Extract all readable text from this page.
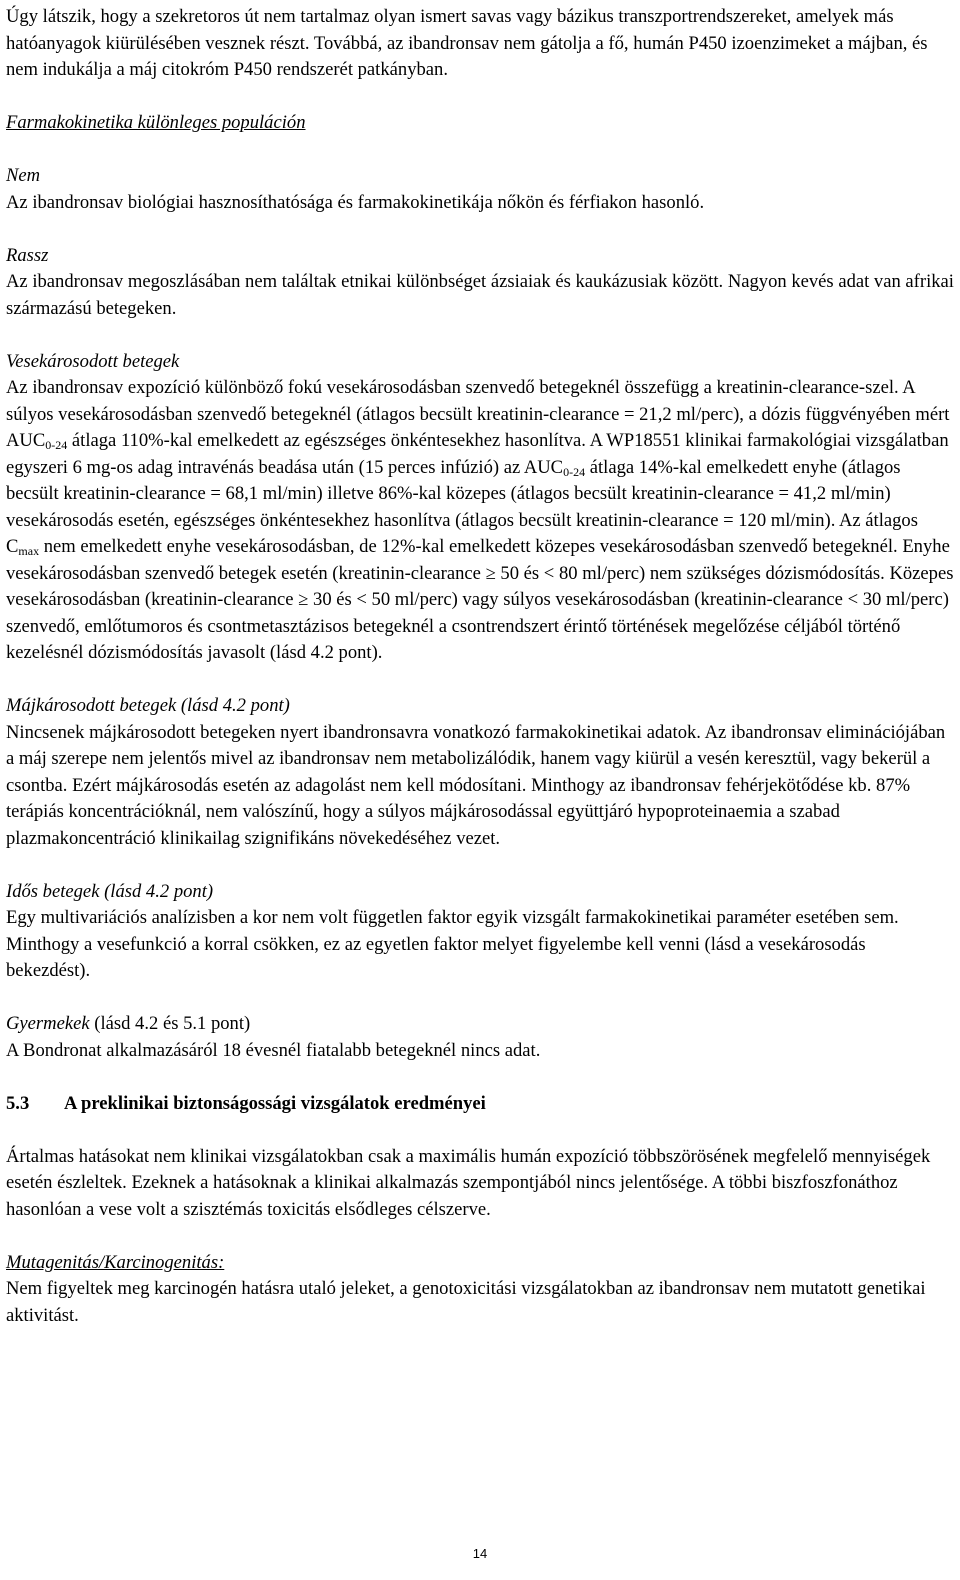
Úgy látszik, hogy a szekretoros út nem tartalmaz olyan ismert savas vagy bázikus transzportrendszereket, amelyek más hatóanyagok kiürülésében vesznek részt. Továbbá, az ibandronsav nem gátolja a fő, humán P450 izoenzimeket a májban, és nem indukálja a máj citokróm P450 rendszerét patkányban.

Farmakokinetika különleges populáción

Nem

Az ibandronsav biológiai hasznosíthatósága és farmakokinetikája nőkön és férfiakon hasonló.

Rassz

Az ibandronsav megoszlásában nem találtak etnikai különbséget ázsiaiak és kaukázusiak között. Nagyon kevés adat van afrikai származású betegeken.

Vesekárosodott betegek

Az ibandronsav expozíció különböző fokú vesekárosodásban szenvedő betegeknél összefügg a kreatinin-clearance-szel. A súlyos vesekárosodásban szenvedő betegeknél (átlagos becsült kreatinin-clearance = 21,2 ml/perc), a dózis függvényében mért $AUC_{0-24}$ átlaga 110%-kal emelkedett az egészséges önkéntesekhez hasonlítva. A WP18551 klinikai farmakológiai vizsgálatban egyszeri 6 mg-os adag intravénás beadása után (15 perces infúzió) az $AUC_{0-24}$ átlaga 14%-kal emelkedett enyhe (átlagos becsült kreatinin-clearance = 68,1 ml/min) illetve 86%-kal közepes (átlagos becsült kreatinin-clearance = 41,2 ml/min) vesekárosodás esetén, egészséges önkéntesekhez hasonlítva (átlagos becsült kreatinin-clearance = 120 ml/min). Az átlagos $C_{max}$ nem emelkedett enyhe vesekárosodásban, de 12%-kal emelkedett közepes vesekárosodásban szenvedő betegeknél. Enyhe vesekárosodásban szenvedő betegek esetén (kreatinin-clearance ≥ 50 és < 80 ml/perc) nem szükséges dózismódosítás. Közepes vesekárosodásban (kreatinin-clearance ≥ 30 és < 50 ml/perc) vagy súlyos vesekárosodásban (kreatinin-clearance < 30 ml/perc) szenvedő, emlőtumoros és csontmetasztázisos betegeknél a csontrendszert érintő történések megelőzése céljából történő kezelésnél dózismódosítás javasolt (lásd 4.2 pont).

Májkárosodott betegek (lásd 4.2 pont)

Nincsenek májkárosodott betegeken nyert ibandronsavra vonatkozó farmakokinetikai adatok. Az ibandronsav eliminációjában a máj szerepe nem jelentős mivel az ibandronsav nem metabolizálódik, hanem vagy kiürül a vesén keresztül, vagy bekerül a csontba. Ezért májkárosodás esetén az adagolást nem kell módosítani. Minthogy az ibandronsav fehérjekötődése kb. 87% terápiás koncentrációknál, nem valószínű, hogy a súlyos májkárosodással együttjáró hypoproteinaemia a szabad plazmakoncentráció klinikailag szignifikáns növekedéséhez vezet.

Idős betegek (lásd 4.2 pont)

Egy multivariációs analízisben a kor nem volt független faktor egyik vizsgált farmakokinetikai paraméter esetében sem. Minthogy a vesefunkció a korral csökken, ez az egyetlen faktor melyet figyelembe kell venni (lásd a vesekárosodás bekezdést).

Gyermekek (lásd 4.2 és 5.1 pont)

A Bondronat alkalmazásáról 18 évesnél fiatalabb betegeknél nincs adat.

5.3 A preklinikai biztonságossági vizsgálatok eredményei

Ártalmas hatásokat nem klinikai vizsgálatokban csak a maximális humán expozíció többszörösének megfelelő mennyiségek esetén észleltek. Ezeknek a hatásoknak a klinikai alkalmazás szempontjából nincs jelentősége. A többi biszfoszfonáthoz hasonlóan a vese volt a szisztémás toxicitás elsődleges célszerve.

Mutagenitás/Karcinogenitás:

Nem figyeltek meg karcinogén hatásra utaló jeleket, a genotoxicitási vizsgálatokban az ibandronsav nem mutatott genetikai aktivitást.

14
